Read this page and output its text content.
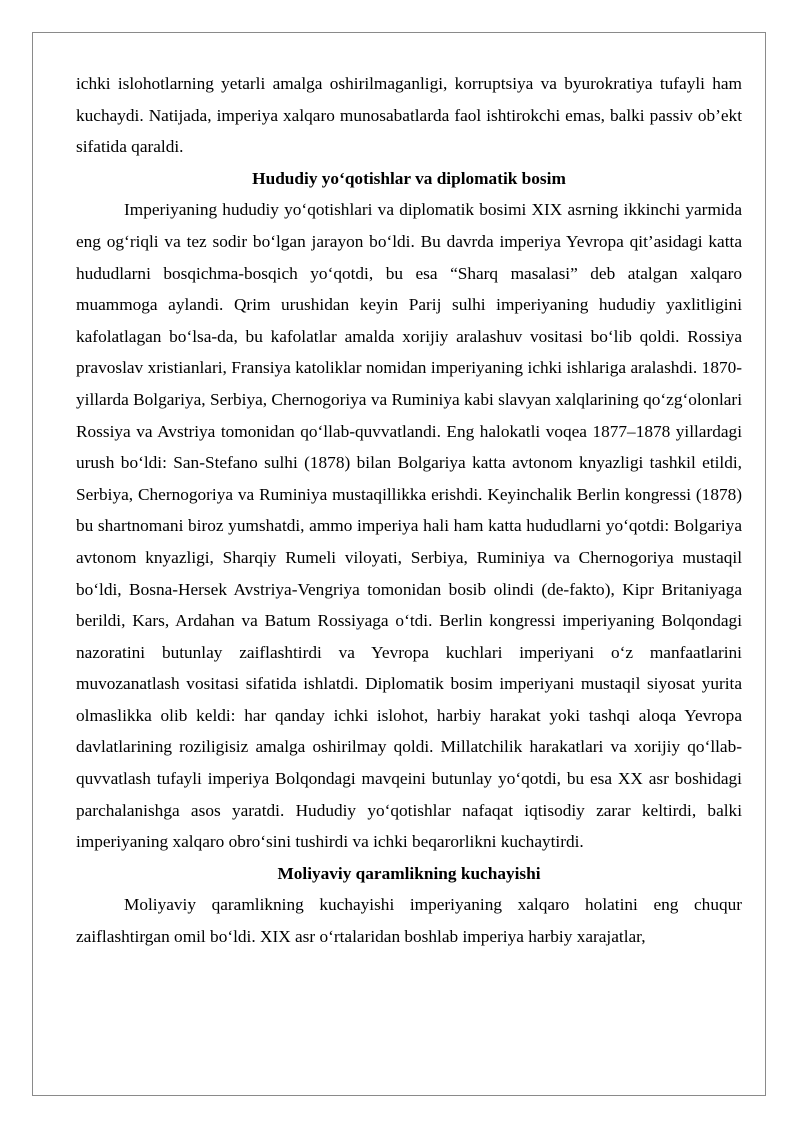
ichki islohotlarning yetarli amalga oshirilmaganligi, korruptsiya va byurokratiya tufayli ham kuchaydi. Natijada, imperiya xalqaro munosabatlarda faol ishtirokchi emas, balki passiv ob’ekt sifatida qaraldi.

Hududiy yo‘qotishlar va diplomatik bosim

Imperiyaning hududiy yo‘qotishlari va diplomatik bosimi XIX asrning ikkinchi yarmida eng og‘riqli va tez sodir bo‘lgan jarayon bo‘ldi. Bu davrda imperiya Yevropa qit’asidagi katta hududlarni bosqichma-bosqich yo‘qotdi, bu esa “Sharq masalasi” deb atalgan xalqaro muammoga aylandi. Qrim urushidan keyin Parij sulhi imperiyaning hududiy yaxlitligini kafolatlagan bo‘lsa-da, bu kafolatlar amalda xorijiy aralashuv vositasi bo‘lib qoldi. Rossiya pravoslav xristianlari, Fransiya katoliklar nomidan imperiyaning ichki ishlariga aralashdi. 1870-yillarda Bolgariya, Serbiya, Chernogoriya va Ruminiya kabi slavyan xalqlarining qo‘zg‘olonlari Rossiya va Avstriya tomonidan qo‘llab-quvvatlandi. Eng halokatli voqea 1877–1878 yillardagi urush bo‘ldi: San-Stefano sulhi (1878) bilan Bolgariya katta avtonom knyazligi tashkil etildi, Serbiya, Chernogoriya va Ruminiya mustaqillikka erishdi. Keyinchalik Berlin kongressi (1878) bu shartnomani biroz yumshatdi, ammo imperiya hali ham katta hududlarni yo‘qotdi: Bolgariya avtonom knyazligi, Sharqiy Rumeli viloyati, Serbiya, Ruminiya va Chernogoriya mustaqil bo‘ldi, Bosna-Hersek Avstriya-Vengriya tomonidan bosib olindi (de-fakto), Kipr Britaniyaga berildi, Kars, Ardahan va Batum Rossiyaga o‘tdi. Berlin kongressi imperiyaning Bolqondagi nazoratini butunlay zaiflashtirdi va Yevropa kuchlari imperiyani o‘z manfaatlarini muvozanatlash vositasi sifatida ishlatdi. Diplomatik bosim imperiyani mustaqil siyosat yurita olmaslikka olib keldi: har qanday ichki islohot, harbiy harakat yoki tashqi aloqa Yevropa davlatlarining roziligisiz amalga oshirilmay qoldi. Millatchilik harakatlari va xorijiy qo‘llab-quvvatlash tufayli imperiya Bolqondagi mavqeini butunlay yo‘qotdi, bu esa XX asr boshidagi parchalanishga asos yaratdi. Hududiy yo‘qotishlar nafaqat iqtisodiy zarar keltirdi, balki imperiyaning xalqaro obro‘sini tushirdi va ichki beqarorlikni kuchaytirdi.

Moliyaviy qaramlikning kuchayishi

Moliyaviy qaramlikning kuchayishi imperiyaning xalqaro holatini eng chuqur zaiflashtirgan omil bo‘ldi. XIX asr o‘rtalaridan boshlab imperiya harbiy xarajatlar,
